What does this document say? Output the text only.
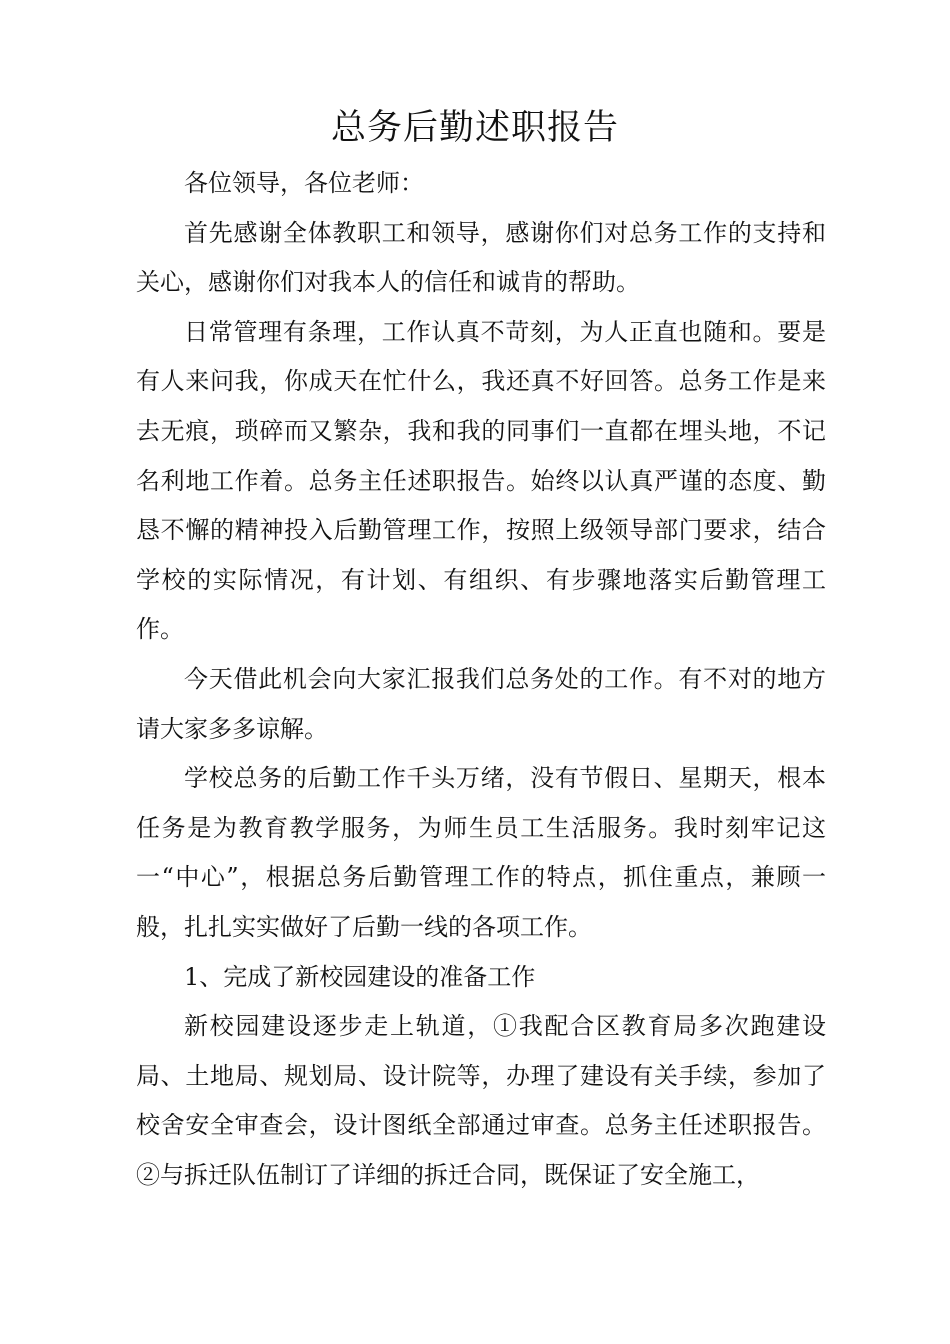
总务后勤述职报告

各位领导，各位老师：

首先感谢全体教职工和领导，感谢你们对总务工作的支持和关心，感谢你们对我本人的信任和诚肯的帮助。

日常管理有条理，工作认真不苛刻，为人正直也随和。要是有人来问我，你成天在忙什么，我还真不好回答。总务工作是来去无痕，琐碎而又繁杂，我和我的同事们一直都在埋头地，不记名利地工作着。总务主任述职报告。始终以认真严谨的态度、勤恳不懈的精神投入后勤管理工作，按照上级领导部门要求，结合学校的实际情况，有计划、有组织、有步骤地落实后勤管理工作。

今天借此机会向大家汇报我们总务处的工作。有不对的地方请大家多多谅解。

学校总务的后勤工作千头万绪，没有节假日、星期天，根本任务是为教育教学服务，为师生员工生活服务。我时刻牢记这一“中心”，根据总务后勤管理工作的特点，抓住重点，兼顾一般，扎扎实实做好了后勤一线的各项工作。

1、完成了新校园建设的准备工作

新校园建设逐步走上轨道，①我配合区教育局多次跑建设局、土地局、规划局、设计院等，办理了建设有关手续，参加了校舍安全审查会，设计图纸全部通过审查。总务主任述职报告。②与拆迁队伍制订了详细的拆迁合同，既保证了安全施工，
